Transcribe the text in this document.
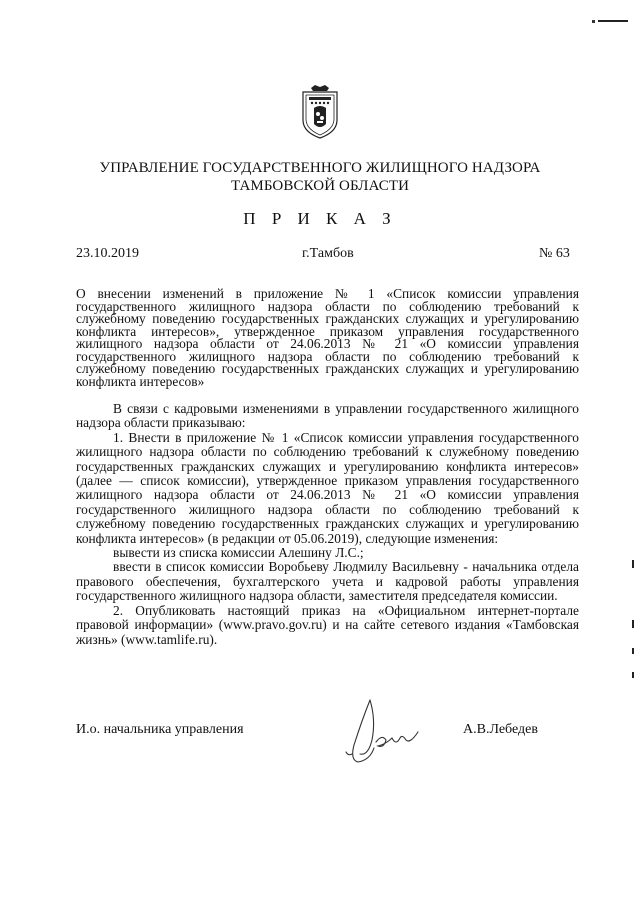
УПРАВЛЕНИЕ ГОСУДАРСТВЕННОГО ЖИЛИЩНОГО НАДЗОРА
ТАМБОВСКОЙ ОБЛАСТИ
П Р И К А З
23.10.2019	г.Тамбов	№ 63
О внесении изменений в приложение № 1 «Список комиссии управления государственного жилищного надзора области по соблюдению требований к служебному поведению государственных гражданских служащих и урегулированию конфликта интересов», утвержденное приказом управления государственного жилищного надзора области от 24.06.2013 № 21 «О комиссии управления государственного жилищного надзора области по соблюдению требований к служебному поведению государственных гражданских служащих и урегулированию конфликта интересов»

В связи с кадровыми изменениями в управлении государственного жилищного надзора области приказываю:

1. Внести в приложение № 1 «Список комиссии управления государственного жилищного надзора области по соблюдению требований к служебному поведению государственных гражданских служащих и урегулированию конфликта интересов» (далее — список комиссии), утвержденное приказом управления государственного жилищного надзора области от 24.06.2013 № 21 «О комиссии управления государственного жилищного надзора области по соблюдению требований к служебному поведению государственных гражданских служащих и урегулированию конфликта интересов» (в редакции от 05.06.2019), следующие изменения:

вывести из списка комиссии Алешину Л.С.;

ввести в список комиссии Воробьеву Людмилу Васильевну - начальника отдела правового обеспечения, бухгалтерского учета и кадровой работы управления государственного жилищного надзора области, заместителя председателя комиссии.

2. Опубликовать настоящий приказ на «Официальном интернет-портале правовой информации» (www.pravo.gov.ru) и на сайте сетевого издания «Тамбовская жизнь» (www.tamlife.ru).

И.о. начальника управления	А.В.Лебедев
